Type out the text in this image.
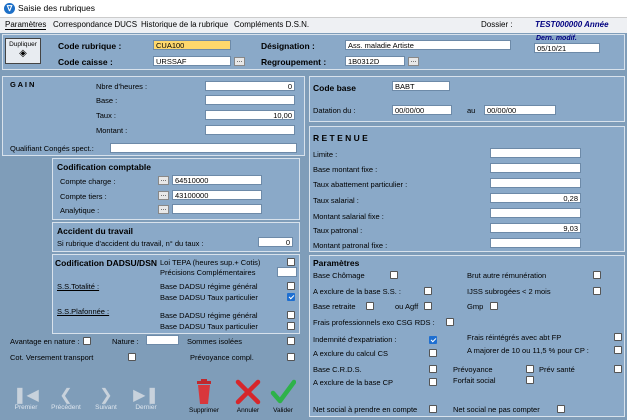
∇ Saisie des rubriques
Paramètres Correspondance DUCS Historique de la rubrique Compléments D.S.N.	Dossier :	TEST000000 Année
Dupliquer
◈
Code rubrique :	CUA100
Code caisse :	URSSAF	...
Désignation :	Ass. maladie Artiste
Regroupement :	1B0312D	...
Dern. modif.
05/10/21
G A I N	Nbre d'heures :	0
Base :
Taux :	10,00
Montant :
Qualifiant Congés spect.:
Codification comptable
Compte charge :	...	64510000
Compte tiers :	...	43100000
Analytique :	...
Accident du travail
Si rubrique d'accident du travail, n° du taux :	0
Codification DADSU/DSN Loi TEPA (heures sup.+ Cotis)
Précisions Complémentaires
S.S.Totalité :	Base DADSU régime général
Base DADSU Taux particulier
S.S.Plafonnée :	Base DADSU régime général
Base DADSU Taux particulier
Avantage en nature :	Nature :	Sommes isolées
Cot. Versement transport	Prévoyance compl.
❚◀
Premier
❮
Précédent
❯
Suivant
▶❚
Dernier	Supprimer	Annuler	Valider
Code base	BABT
Datation du :	00/00/00	au	00/00/00
R E T E N U E
Limite :
Base montant fixe :
Taux abattement particulier :
Taux salarial :	0,28
Montant salarial fixe :
Taux patronal :	9,03
Montant patronal fixe :
Paramètres
Base Chômage	Brut autre rémunération
A exclure de la base S.S. :	IJSS subrogées < 2 mois
Base retraite	ou Agff	Gmp
Frais professionnels exo CSG RDS :
Indemnité d'expatriation :	Frais réintégrés avec abt FP
A exclure du calcul CS	A majorer de 10 ou 11,5 % pour CP :
Base C.R.D.S.	Prévoyance	Prév santé
A exclure de la base CP	Forfait social
Net social à prendre en compte	Net social ne pas compter
